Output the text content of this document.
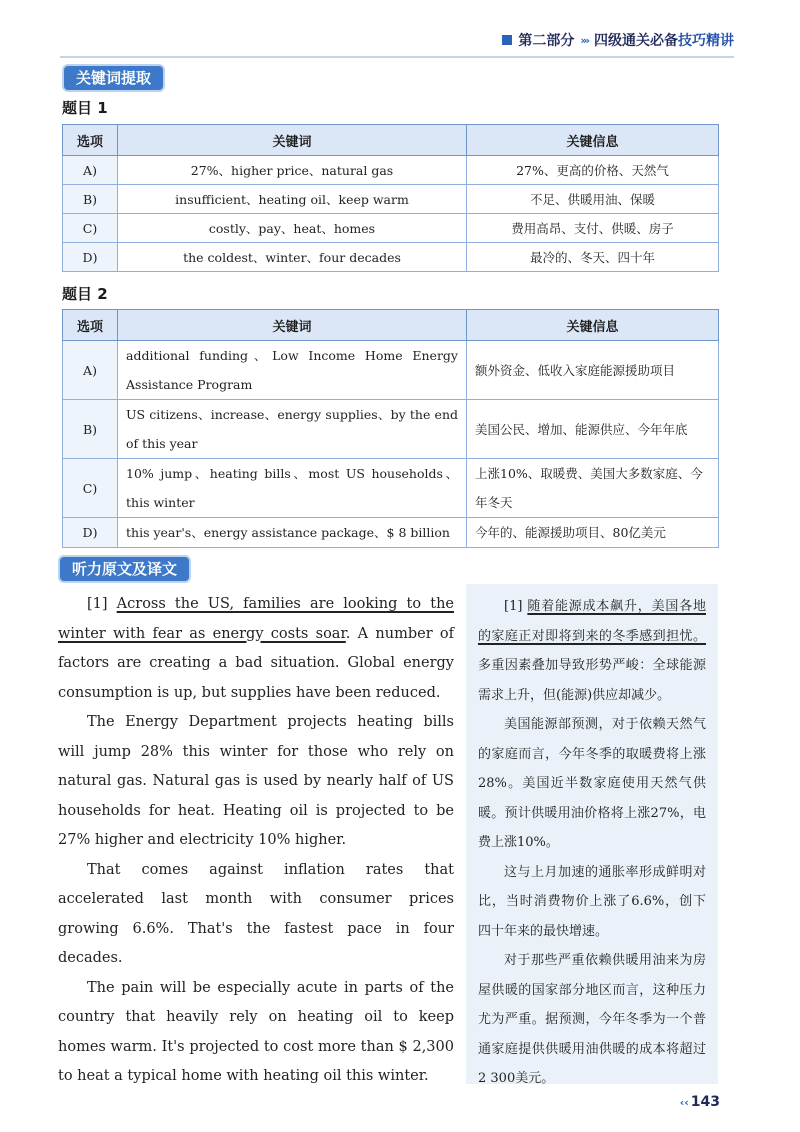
第二部分 ››› 四级通关必备技巧精讲
关键词提取
题目 1
选项	关键词	关键信息
A)	27%、higher price、natural gas	27%、更高的价格、天然气
B)	insufficient、heating oil、keep warm	不足、供暖用油、保暖
C)	costly、pay、heat、homes	费用高昂、支付、供暖、房子
D)	the coldest、winter、four decades	最冷的、冬天、四十年
题目 2
选项	关键词	关键信息
A)	additional funding、Low Income Home Energy Assistance Program	额外资金、低收入家庭能源援助项目
B)	US citizens、increase、energy supplies、by the end of this year	美国公民、增加、能源供应、今年年底
C)	10% jump、heating bills、most US households、this winter	上涨10%、取暖费、美国大多数家庭、今年冬天
D)	this year's、energy assistance package、$ 8 billion	今年的、能源援助项目、80亿美元
听力原文及译文

[1] Across the US, families are looking to the winter with fear as energy costs soar. A number of factors are creating a bad situation. Global energy consumption is up, but supplies have been reduced.

The Energy Department projects heating bills will jump 28% this winter for those who rely on natural gas. Natural gas is used by nearly half of US households for heat. Heating oil is projected to be 27% higher and electricity 10% higher.

That comes against inflation rates that accelerated last month with consumer prices growing 6.6%. That's the fastest pace in four decades.

The pain will be especially acute in parts of the country that heavily rely on heating oil to keep homes warm. It's projected to cost more than $ 2,300 to heat a typical home with heating oil this winter.

[1] 随着能源成本飙升，美国各地的家庭正对即将到来的冬季感到担忧。多重因素叠加导致形势严峻：全球能源需求上升，但(能源)供应却减少。

美国能源部预测，对于依赖天然气的家庭而言，今年冬季的取暖费将上涨28%。美国近半数家庭使用天然气供暖。预计供暖用油价格将上涨27%，电费上涨10%。

这与上月加速的通胀率形成鲜明对比，当时消费物价上涨了6.6%，创下四十年来的最快增速。

对于那些严重依赖供暖用油来为房屋供暖的国家部分地区而言，这种压力尤为严重。据预测，今年冬季为一个普通家庭提供供暖用油供暖的成本将超过2 300美元。

‹‹ 143
